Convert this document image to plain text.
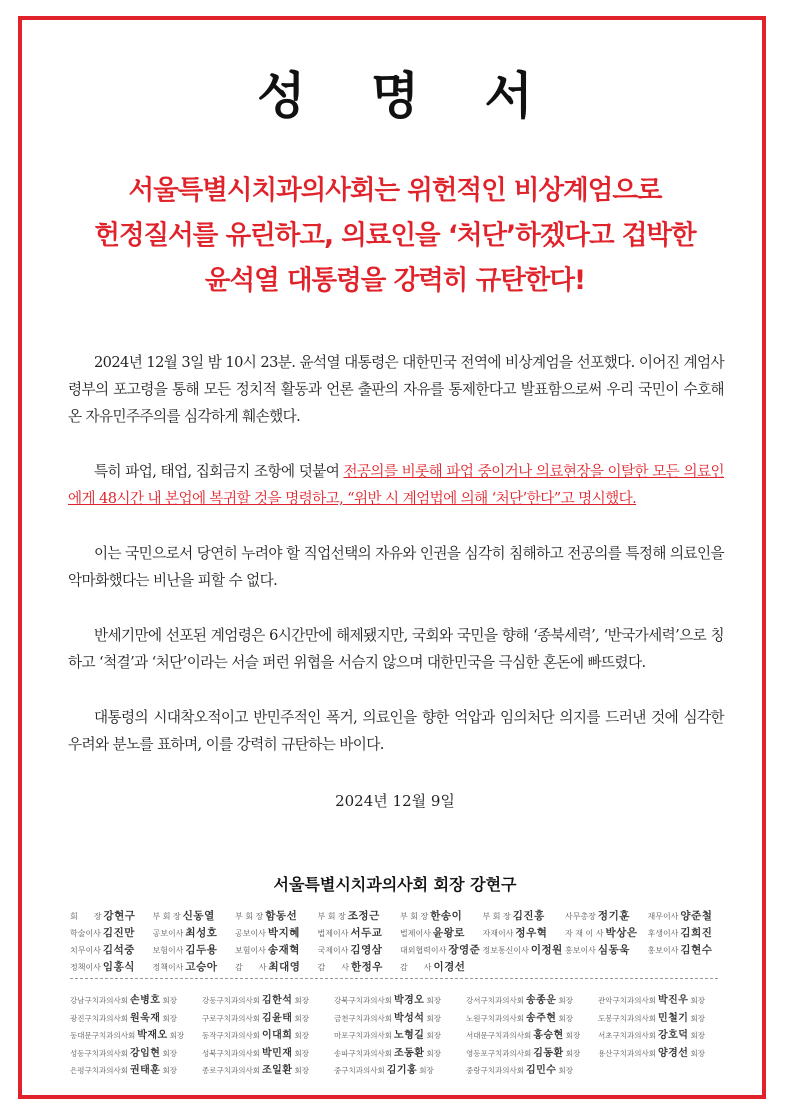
성 명 서
서울특별시치과의사회는 위헌적인 비상계엄으로
헌정질서를 유린하고, 의료인을 ‘처단’하겠다고 겁박한
윤석열 대통령을 강력히 규탄한다!

2024년 12월 3일 밤 10시 23분. 윤석열 대통령은 대한민국 전역에 비상계엄을 선포했다. 이어진 계엄사령부의 포고령을 통해 모든 정치적 활동과 언론 출판의 자유를 통제한다고 발표함으로써 우리 국민이 수호해온 자유민주주의를 심각하게 훼손했다.

특히 파업, 태업, 집회금지 조항에 덧붙여 전공의를 비롯해 파업 중이거나 의료현장을 이탈한 모든 의료인에게 48시간 내 본업에 복귀할 것을 명령하고, “위반 시 계엄법에 의해 ‘처단’한다”고 명시했다.

이는 국민으로서 당연히 누려야 할 직업선택의 자유와 인권을 심각히 침해하고 전공의를 특정해 의료인을 악마화했다는 비난을 피할 수 없다.

반세기만에 선포된 계엄령은 6시간만에 해제됐지만, 국회와 국민을 향해 ‘종북세력’, ‘반국가세력’으로 칭하고 ‘척결’과 ‘처단’이라는 서슬 퍼런 위협을 서슴지 않으며 대한민국을 극심한 혼돈에 빠뜨렸다.

대통령의 시대착오적이고 반민주적인 폭거, 의료인을 향한 억압과 임의처단 의지를 드러낸 것에 심각한 우려와 분노를 표하며, 이를 강력히 규탄하는 바이다.

2024년 12월 9일
서울특별시치과의사회 회장 강현구
회　　장 강현구	부 회 장 신동열	부 회 장 함동선	부 회 장 조정근	부 회 장 한송이	부 회 장 김진홍	사무총장 정기훈	재무이사 양준철
학술이사 김진만	공보이사 최성호	공보이사 박지혜	법제이사 서두교	법제이사 윤왕로	자재이사 정우혁	자 재 이 사 박상은	후생이사 김희진
치무이사 김석중	보험이사 김두용	보험이사 송재혁	국제이사 김영삼	대외협력이사 장영준 정보통신이사 이정원 홍보이사 심동욱	홍보이사 김현수
정책이사 임홍식	정책이사 고승아	감　　사 최대영	감　　사 한정우	감　　사 이경선
강남구치과의사회 손병호 회장	강동구치과의사회 김한석 회장	강북구치과의사회 박경오 회장	강서구치과의사회 송종운 회장	관악구치과의사회 박진우 회장
광진구치과의사회 원욱재 회장	구로구치과의사회 김윤태 회장	금천구치과의사회 박성석 회장	노원구치과의사회 송주현 회장	도봉구치과의사회 민철기 회장
동대문구치과의사회 박재오 회장	동작구치과의사회 이대희 회장	마포구치과의사회 노형길 회장	서대문구치과의사회 홍승현 회장	서초구치과의사회 강호덕 회장
성동구치과의사회 강임현 회장	성북구치과의사회 박민재 회장	송파구치과의사회 조동환 회장	영등포구치과의사회 김동환 회장	용산구치과의사회 양경선 회장
은평구치과의사회 권태훈 회장	종로구치과의사회 조일환 회장	중구치과의사회 김기홍 회장	중랑구치과의사회 김민수 회장
